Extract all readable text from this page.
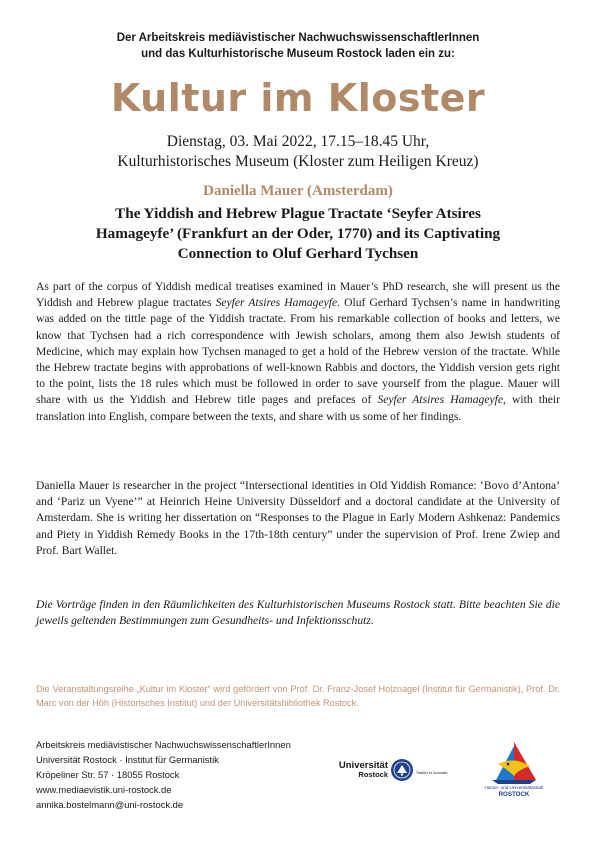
Der Arbeitskreis mediävistischer NachwuchswissenschaftlerInnen
und das Kulturhistorische Museum Rostock laden ein zu:
Kultur im Kloster
Dienstag, 03. Mai 2022, 17.15–18.45 Uhr,
Kulturhistorisches Museum (Kloster zum Heiligen Kreuz)
Daniella Mauer (Amsterdam)
The Yiddish and Hebrew Plague Tractate ‘Seyfer Atsires
Hamageyfe’ (Frankfurt an der Oder, 1770) and its Captivating
Connection to Oluf Gerhard Tychsen

As part of the corpus of Yiddish medical treatises examined in Mauer’s PhD research, she will present us the Yiddish and Hebrew plague tractates Seyfer Atsires Hamageyfe. Oluf Gerhard Tychsen’s name in handwriting was added on the tittle page of the Yiddish tractate. From his remarkable collection of books and letters, we know that Tychsen had a rich correspondence with Jewish scholars, among them also Jewish students of Medicine, which may explain how Tychsen managed to get a hold of the Hebrew version of the tractate. While the Hebrew tractate begins with approbations of well-known Rabbis and doctors, the Yiddish version gets right to the point, lists the 18 rules which must be followed in order to save yourself from the plague. Mauer will share with us the Yiddish and Hebrew title pages and prefaces of Seyfer Atsires Hamageyfe, with their translation into English, compare between the texts, and share with us some of her findings.

Daniella Mauer is researcher in the project “Intersectional identities in Old Yiddish Romance: ‘Bovo d’Antona’ and ‘Pariz un Vyene’” at Heinrich Heine University Düsseldorf and a doctoral candidate at the University of Amsterdam. She is writing her dissertation on “Responses to the Plague in Early Modern Ashkenaz: Pandemics and Piety in Yiddish Remedy Books in the 17th-18th century” under the supervision of Prof. Irene Zwiep and Prof. Bart Wallet.

Die Vorträge finden in den Räumlichkeiten des Kulturhistorischen Museums Rostock statt. Bitte beachten Sie die jeweils geltenden Bestimmungen zum Gesundheits- und Infektionsschutz.

Die Veranstaltungsreihe „Kultur im Kloster“ wird gefördert von Prof. Dr. Franz-Josef Holznagel (Institut für Germanistik), Prof. Dr. Marc von der Höh (Historisches Institut) und der Universitätsbibliothek Rostock.
Arbeitskreis mediävistischer NachwuchswissenschaftlerInnen
Universität Rostock · Institut für Germanistik
Kröpeliner Str. 57 · 18055 Rostock
www.mediaevistik.uni-rostock.de
annika.bostelmann@uni-rostock.de
Universität
Rostock	Traditio et Innovatio
Hanse- und Universitätsstadt
ROSTOCK
